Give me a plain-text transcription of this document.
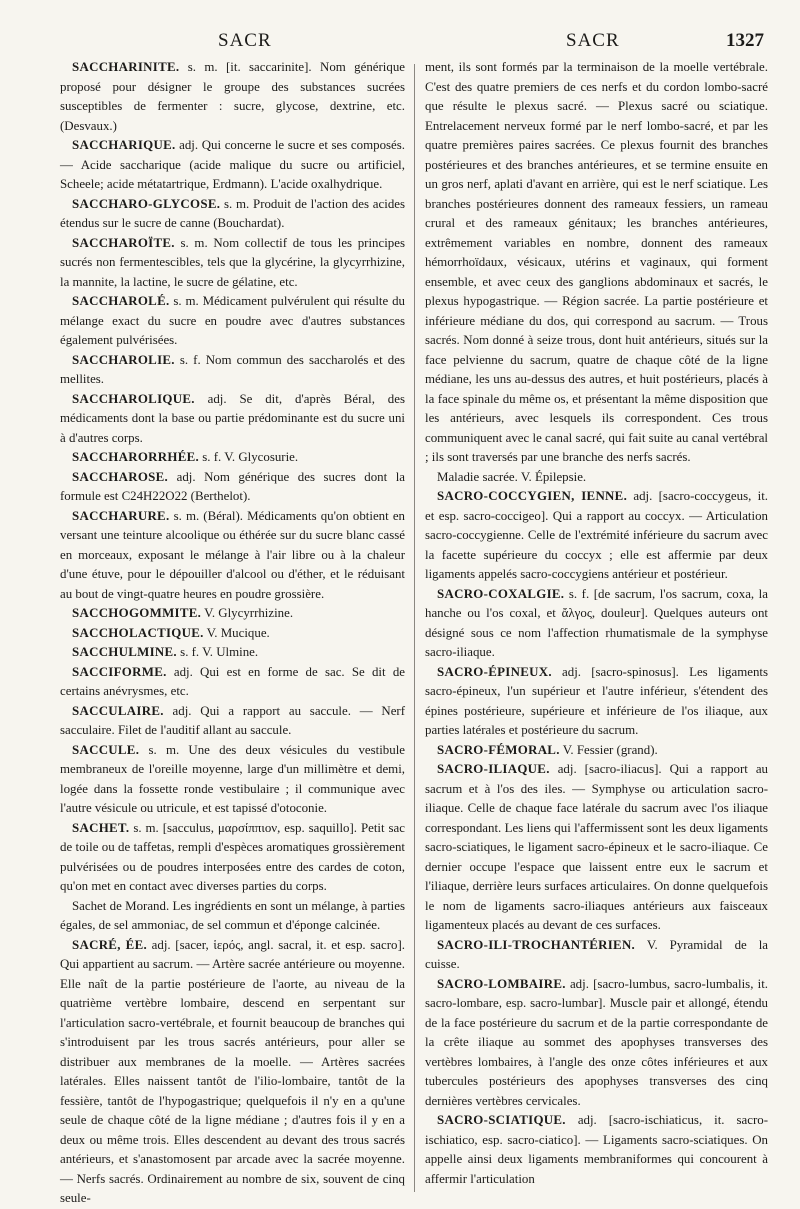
SACR	SACR	1327

SACCHARINITE. s. m. [it. saccarinite]. Nom générique proposé pour désigner le groupe des substances sucrées susceptibles de fermenter : sucre, glycose, dextrine, etc. (Desvaux.)

SACCHARIQUE. adj. Qui concerne le sucre et ses composés. — Acide saccharique (acide malique du sucre ou artificiel, Scheele; acide métatartrique, Erdmann). L'acide oxalhydrique.

SACCHARO-GLYCOSE. s. m. Produit de l'action des acides étendus sur le sucre de canne (Bouchardat).

SACCHAROÏTE. s. m. Nom collectif de tous les principes sucrés non fermentescibles, tels que la glycérine, la glycyrrhizine, la mannite, la lactine, le sucre de gélatine, etc.

SACCHAROLÉ. s. m. Médicament pulvérulent qui résulte du mélange exact du sucre en poudre avec d'autres substances également pulvérisées.

SACCHAROLIE. s. f. Nom commun des saccharolés et des mellites.

SACCHAROLIQUE. adj. Se dit, d'après Béral, des médicaments dont la base ou partie prédominante est du sucre uni à d'autres corps.

SACCHARORRHÉE. s. f. V. Glycosurie.

SACCHAROSE. adj. Nom générique des sucres dont la formule est C24H22O22 (Berthelot).

SACCHARURE. s. m. (Béral). Médicaments qu'on obtient en versant une teinture alcoolique ou éthérée sur du sucre blanc cassé en morceaux, exposant le mélange à l'air libre ou à la chaleur d'une étuve, pour le dépouiller d'alcool ou d'éther, et le réduisant au bout de vingt-quatre heures en poudre grossière.

SACCHOGOMMITE. V. Glycyrrhizine.

SACCHOLACTIQUE. V. Mucique.

SACCHULMINE. s. f. V. Ulmine.

SACCIFORME. adj. Qui est en forme de sac. Se dit de certains anévrysmes, etc.

SACCULAIRE. adj. Qui a rapport au saccule. — Nerf sacculaire. Filet de l'auditif allant au saccule.

SACCULE. s. m. Une des deux vésicules du vestibule membraneux de l'oreille moyenne, large d'un millimètre et demi, logée dans la fossette ronde vestibulaire ; il communique avec l'autre vésicule ou utricule, et est tapissé d'otoconie.

SACHET. s. m. [sacculus, μαρσίππιον, esp. saquillo]. Petit sac de toile ou de taffetas, rempli d'espèces aromatiques grossièrement pulvérisées ou de poudres interposées entre des cardes de coton, qu'on met en contact avec diverses parties du corps.

Sachet de Morand. Les ingrédients en sont un mélange, à parties égales, de sel ammoniac, de sel commun et d'éponge calcinée.

SACRÉ, ÉE. adj. [sacer, ἱερός, angl. sacral, it. et esp. sacro]. Qui appartient au sacrum. — Artère sacrée antérieure ou moyenne. Elle naît de la partie postérieure de l'aorte, au niveau de la quatrième vertèbre lombaire, descend en serpentant sur l'articulation sacro-vertébrale, et fournit beaucoup de branches qui s'introduisent par les trous sacrés antérieurs, pour aller se distribuer aux membranes de la moelle. — Artères sacrées latérales. Elles naissent tantôt de l'ilio-lombaire, tantôt de la fessière, tantôt de l'hypogastrique; quelquefois il n'y en a qu'une seule de chaque côté de la ligne médiane ; d'autres fois il y en a deux ou même trois. Elles descendent au devant des trous sacrés antérieurs, et s'anastomosent par arcade avec la sacrée moyenne. — Nerfs sacrés. Ordinairement au nombre de six, souvent de cinq seule-

ment, ils sont formés par la terminaison de la moelle vertébrale. C'est des quatre premiers de ces nerfs et du cordon lombo-sacré que résulte le plexus sacré. — Plexus sacré ou sciatique. Entrelacement nerveux formé par le nerf lombo-sacré, et par les quatre premières paires sacrées. Ce plexus fournit des branches postérieures et des branches antérieures, et se termine ensuite en un gros nerf, aplati d'avant en arrière, qui est le nerf sciatique. Les branches postérieures donnent des rameaux fessiers, un rameau crural et des rameaux génitaux; les branches antérieures, extrêmement variables en nombre, donnent des rameaux hémorrhoïdaux, vésicaux, utérins et vaginaux, qui forment ensemble, et avec ceux des ganglions abdominaux et sacrés, le plexus hypogastrique. — Région sacrée. La partie postérieure et inférieure médiane du dos, qui correspond au sacrum. — Trous sacrés. Nom donné à seize trous, dont huit antérieurs, situés sur la face pelvienne du sacrum, quatre de chaque côté de la ligne médiane, les uns au-dessus des autres, et huit postérieurs, placés à la face spinale du même os, et présentant la même disposition que les antérieurs, avec lesquels ils correspondent. Ces trous communiquent avec le canal sacré, qui fait suite au canal vertébral ; ils sont traversés par une branche des nerfs sacrés.

Maladie sacrée. V. Épilepsie.

SACRO-COCCYGIEN, IENNE. adj. [sacro-coccygeus, it. et esp. sacro-coccigeo]. Qui a rapport au coccyx. — Articulation sacro-coccygienne. Celle de l'extrémité inférieure du sacrum avec la facette supérieure du coccyx ; elle est affermie par deux ligaments appelés sacro-coccygiens antérieur et postérieur.

SACRO-COXALGIE. s. f. [de sacrum, l'os sacrum, coxa, la hanche ou l'os coxal, et ἄλγος, douleur]. Quelques auteurs ont désigné sous ce nom l'affection rhumatismale de la symphyse sacro-iliaque.

SACRO-ÉPINEUX. adj. [sacro-spinosus]. Les ligaments sacro-épineux, l'un supérieur et l'autre inférieur, s'étendent des épines postérieure, supérieure et inférieure de l'os iliaque, aux parties latérales et postérieure du sacrum.

SACRO-FÉMORAL. V. Fessier (grand).

SACRO-ILIAQUE. adj. [sacro-iliacus]. Qui a rapport au sacrum et à l'os des iles. — Symphyse ou articulation sacro-iliaque. Celle de chaque face latérale du sacrum avec l'os iliaque correspondant. Les liens qui l'affermissent sont les deux ligaments sacro-sciatiques, le ligament sacro-épineux et le sacro-iliaque. Ce dernier occupe l'espace que laissent entre eux le sacrum et l'iliaque, derrière leurs surfaces articulaires. On donne quelquefois le nom de ligaments sacro-iliaques antérieurs aux faisceaux ligamenteux placés au devant de ces surfaces.

SACRO-ILI-TROCHANTÉRIEN. V. Pyramidal de la cuisse.

SACRO-LOMBAIRE. adj. [sacro-lumbus, sacro-lumbalis, it. sacro-lombare, esp. sacro-lumbar]. Muscle pair et allongé, étendu de la face postérieure du sacrum et de la partie correspondante de la crête iliaque au sommet des apophyses transverses des vertèbres lombaires, à l'angle des onze côtes inférieures et aux tubercules postérieurs des apophyses transverses des cinq dernières vertèbres cervicales.

SACRO-SCIATIQUE. adj. [sacro-ischiaticus, it. sacro-ischiatico, esp. sacro-ciatico]. — Ligaments sacro-sciatiques. On appelle ainsi deux ligaments membraniformes qui concourent à affermir l'articulation
